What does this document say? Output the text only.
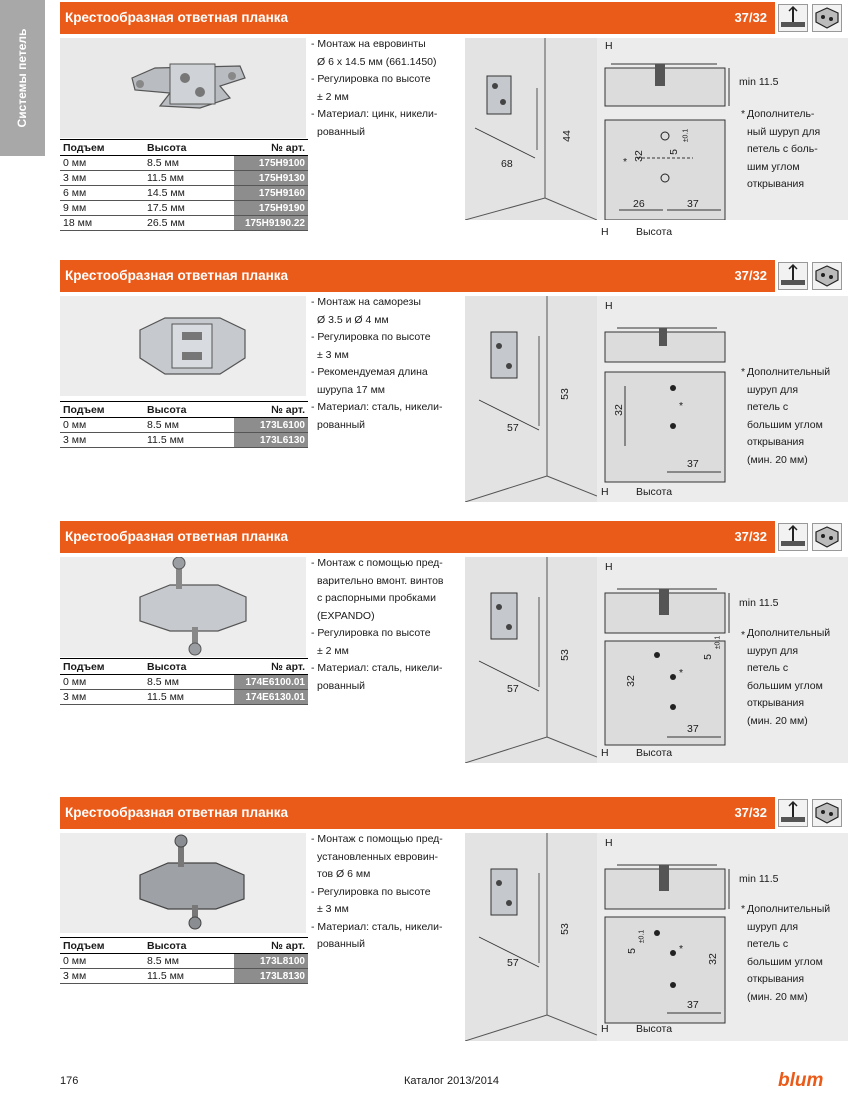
Системы петель
Крестообразная ответная планка	37/32
Подъем	Высота	№ арт.
0 мм	8.5 мм	175H9100
3 мм	11.5 мм	175H9130
6 мм	14.5 мм	175H9160
9 мм	17.5 мм	175H9190
18 мм	26.5 мм	175H9190.22
- Монтаж на евровинты
Ø 6 x 14.5 мм (661.1450)
- Регулировка по высоте
± 2 мм
- Материал: цинк, никели-
рованный
68
44
H
min 11.5
32 5
±0.1
*
26	37
* Дополнитель-
ный шуруп для
петель с боль-
шим углом
открывания
H	Высота
Крестообразная ответная планка	37/32
Подъем	Высота	№ арт.
0 мм	8.5 мм	173L6100
3 мм	11.5 мм	173L6130
- Монтаж на саморезы
Ø 3.5 и Ø 4 мм
- Регулировка по высоте
± 3 мм
- Рекомендуемая длина
шурупа 17 мм
- Материал: сталь, никели-
рованный	57
53
H
32	*
37
* Дополнительный
шуруп для
петель с
большим углом
открывания
(мин. 20 мм)
H	Высота
Крестообразная ответная планка	37/32
Подъем	Высота	№ арт.
0 мм	8.5 мм	174E6100.01
3 мм	11.5 мм	174E6130.01
- Монтаж с помощью пред-
варительно вмонт. винтов
с распорными пробками
(EXPANDO)
- Регулировка по высоте
± 2 мм
- Материал: сталь, никели-
рованный	57
53
H
min 11.5
32
5
±0.1
*
37
* Дополнительный
шуруп для
петель с
большим углом
открывания
(мин. 20 мм)
H	Высота
Крестообразная ответная планка	37/32
Подъем	Высота	№ арт.
0 мм	8.5 мм	173L8100
3 мм	11.5 мм	173L8130
- Монтаж с помощью пред-
установленных евровин-
тов Ø 6 мм
- Регулировка по высоте
± 3 мм
- Материал: сталь, никели-
рованный
57
53
H
min 11.5
32
5
±0.1
*
37
* Дополнительный
шуруп для
петель с
большим углом
открывания
(мин. 20 мм)
H	Высота
176	Каталог 2013/2014	blum
